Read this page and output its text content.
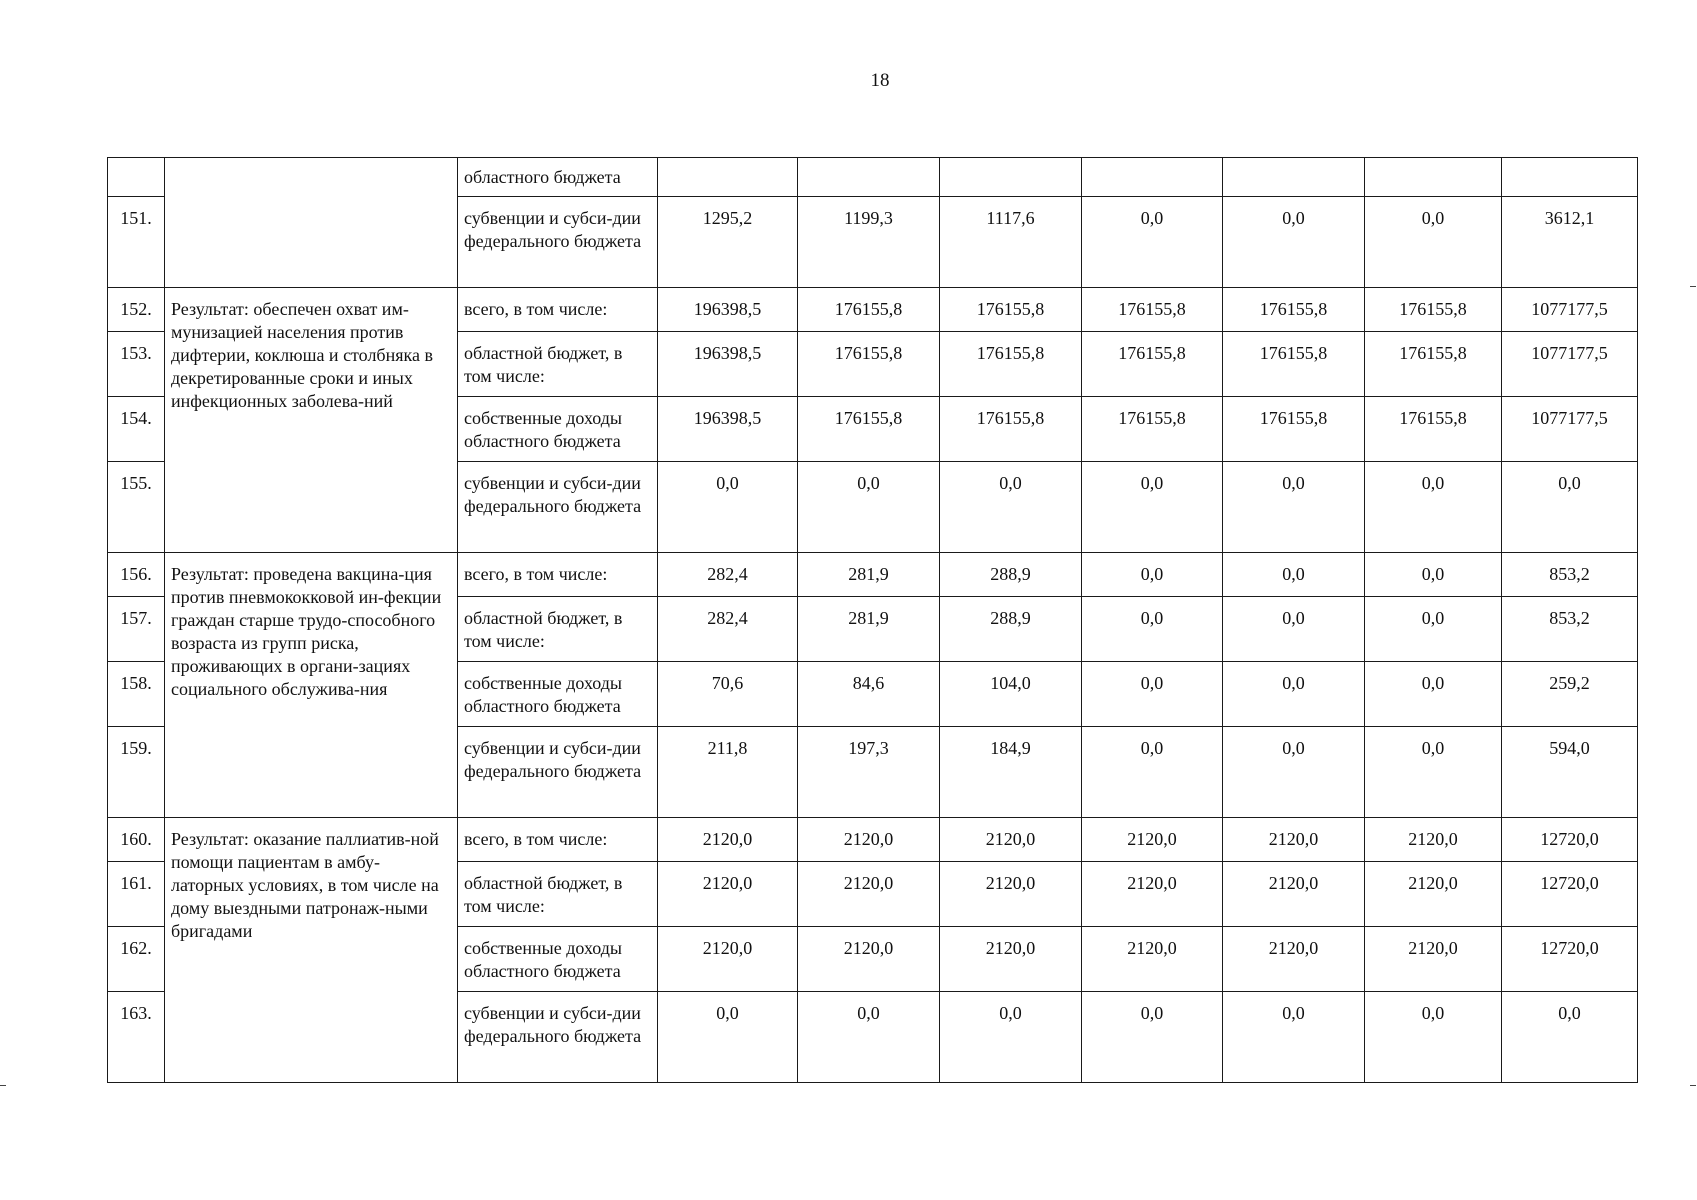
18
		областного бюджета							
151.		субвенции и субси-дии федерального бюджета	1295,2	1199,3	1117,6	0,0	0,0	0,0	3612,1
152.	Результат: обеспечен охват им-мунизацией населения против дифтерии, коклюша и столбняка в декретированные сроки и иных инфекционных заболева-ний	всего, в том числе:	196398,5	176155,8	176155,8	176155,8	176155,8	176155,8	1077177,5
153.		областной бюджет, в том числе:	196398,5	176155,8	176155,8	176155,8	176155,8	176155,8	1077177,5
154.		собственные доходы областного бюджета	196398,5	176155,8	176155,8	176155,8	176155,8	176155,8	1077177,5
155.		субвенции и субси-дии федерального бюджета	0,0	0,0	0,0	0,0	0,0	0,0	0,0
156.	Результат: проведена вакцина-ция против пневмококковой ин-фекции граждан старше трудо-способного возраста из групп риска, проживающих в органи-зациях социального обслужива-ния	всего, в том числе:	282,4	281,9	288,9	0,0	0,0	0,0	853,2
157.		областной бюджет, в том числе:	282,4	281,9	288,9	0,0	0,0	0,0	853,2
158.		собственные доходы областного бюджета	70,6	84,6	104,0	0,0	0,0	0,0	259,2
159.		субвенции и субси-дии федерального бюджета	211,8	197,3	184,9	0,0	0,0	0,0	594,0
160.	Результат: оказание паллиатив-ной помощи пациентам в амбу-латорных условиях, в том числе на дому выездными патронаж-ными бригадами	всего, в том числе:	2120,0	2120,0	2120,0	2120,0	2120,0	2120,0	12720,0
161.		областной бюджет, в том числе:	2120,0	2120,0	2120,0	2120,0	2120,0	2120,0	12720,0
162.		собственные доходы областного бюджета	2120,0	2120,0	2120,0	2120,0	2120,0	2120,0	12720,0
163.		субвенции и субси-дии федерального бюджета	0,0	0,0	0,0	0,0	0,0	0,0	0,0
